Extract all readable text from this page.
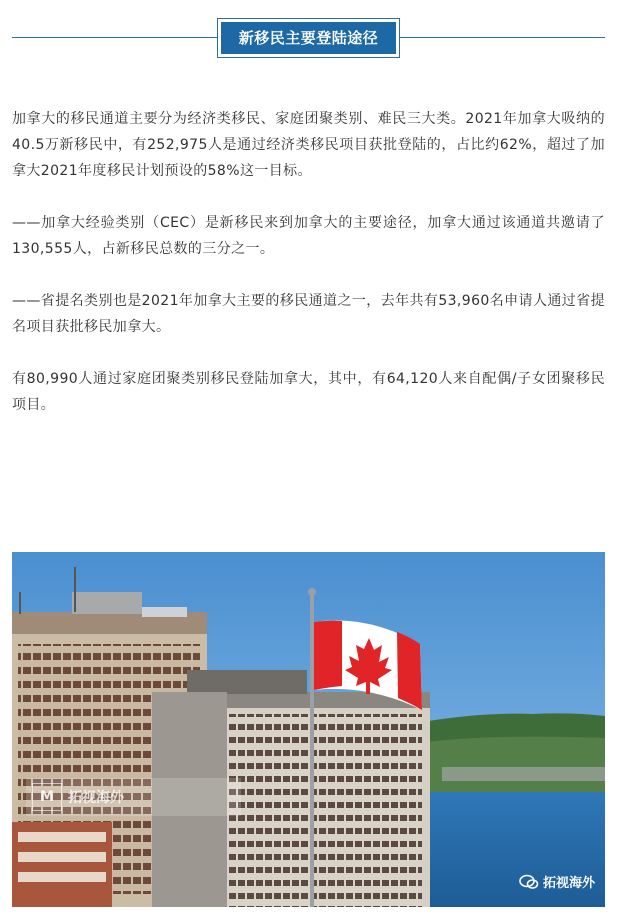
新移民主要登陆途径

加拿大的移民通道主要分为经济类移民、家庭团聚类别、难民三大类。2021年加拿大吸纳的40.5万新移民中，有252,975人是通过经济类移民项目获批登陆的，占比约62%，超过了加拿大2021年度移民计划预设的58%这一目标。

——加拿大经验类别（CEC）是新移民来到加拿大的主要途径，加拿大通过该通道共邀请了130,555人，占新移民总数的三分之一。

——省提名类别也是2021年加拿大主要的移民通道之一，去年共有53,960名申请人通过省提名项目获批移民加拿大。

有80,990人通过家庭团聚类别移民登陆加拿大，其中，有64,120人来自配偶/子女团聚移民项目。

M	拓视海外
拓视海外
